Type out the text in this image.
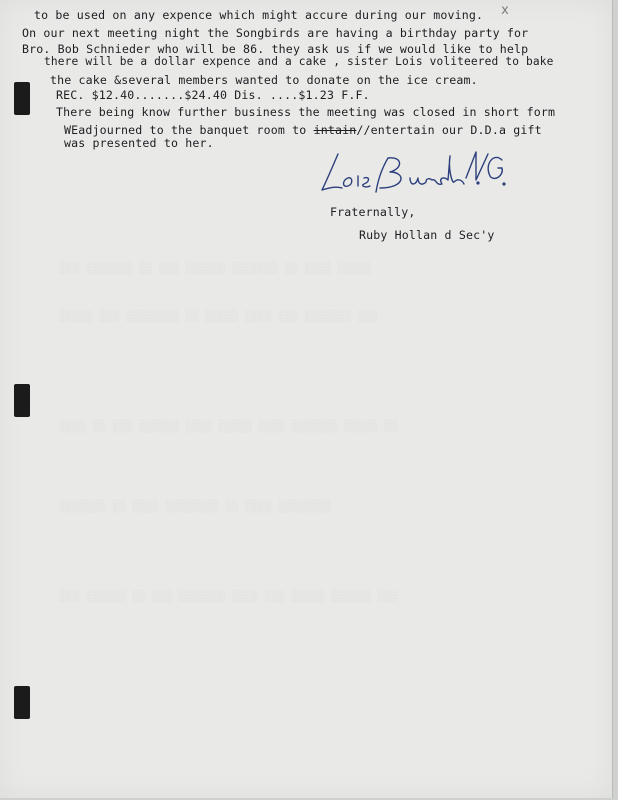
░░░ ░░░░░░░ ░░ ░░░ ░░░░░░ ░░░░░░░ ░░ ░░░░ ░░░░░
░░░░░ ░░░ ░░░░░░░░ ░░ ░░░░░ ░░░░ ░░░ ░░░░░░░ ░░░
░░░░ ░░ ░░░ ░░░░░░ ░░░░ ░░░░░ ░░░░ ░░░░░░░ ░░░░░ ░░
░░░░░░░ ░░ ░░░░ ░░░░░░░░ ░░ ░░░░ ░░░░░░░░
░░░ ░░░░░░ ░░ ░░░ ░░░░░░░ ░░░░ ░░░ ░░░░░ ░░░░░░ ░░░
to be used on any expence which might accure during our moving. x
On our next meeting night the Songbirds are having a birthday party for
Bro. Bob Schnieder who will be 86. they ask us if we would like to help
there will be a dollar expence and a cake , sister Lois voliteered to bake
the cake &several members wanted to donate on the ice cream.
REC. $12.40.......$24.40 Dis. ....$1.23 F.F.
There being know further business the meeting was closed in short form
WEadjourned to the banquet room to intain//entertain our D.D.a gift
was presented to her.
Fraternally,
Ruby Hollan d Sec'y
